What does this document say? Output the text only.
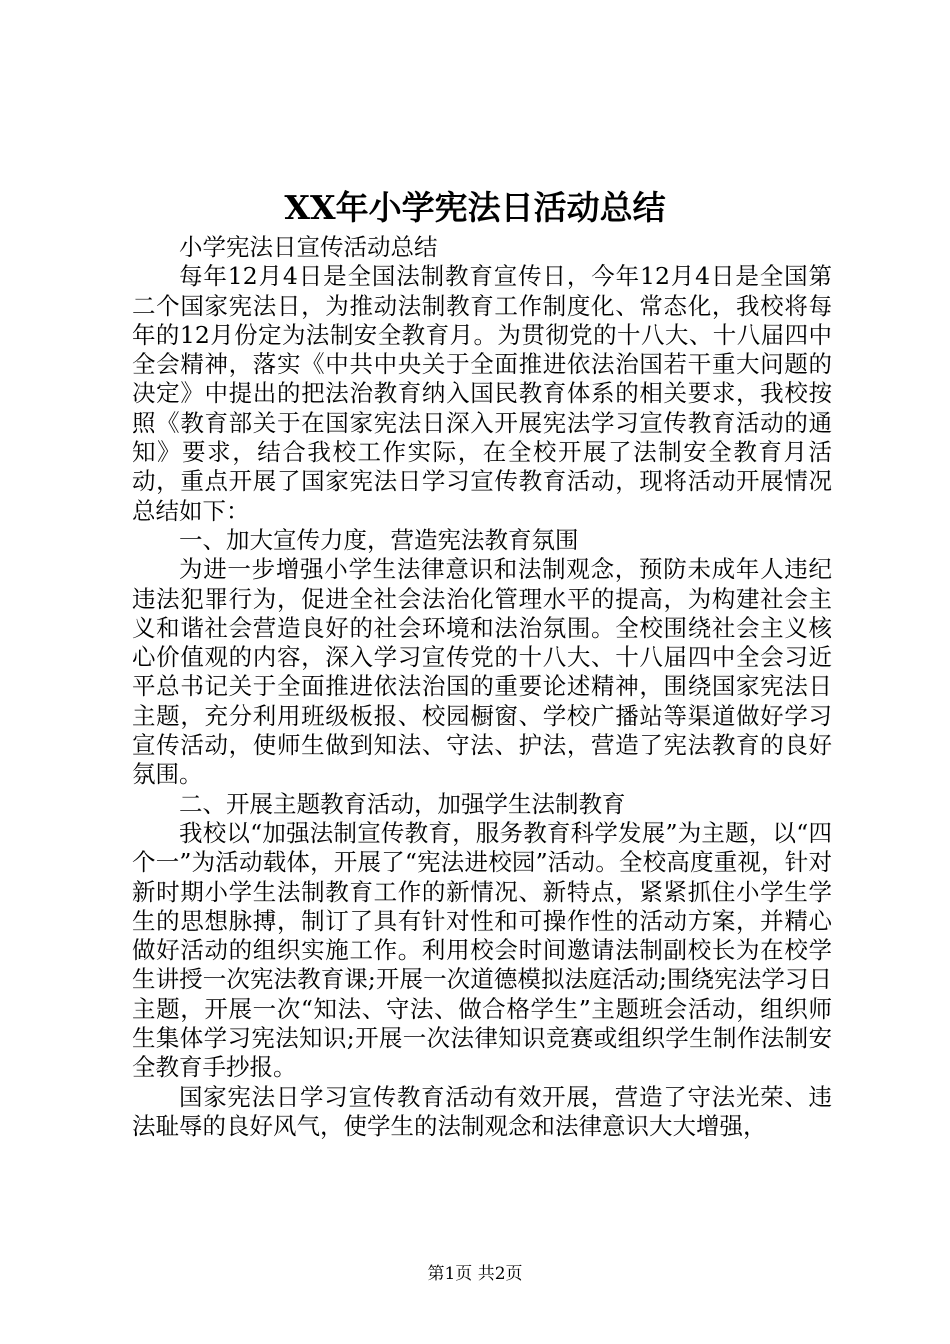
XX年小学宪法日活动总结

小学宪法日宣传活动总结

每年12月4日是全国法制教育宣传日，今年12月4日是全国第二个国家宪法日，为推动法制教育工作制度化、常态化，我校将每年的12月份定为法制安全教育月。为贯彻党的十八大、十八届四中全会精神，落实《中共中央关于全面推进依法治国若干重大问题的决定》中提出的把法治教育纳入国民教育体系的相关要求，我校按照《教育部关于在国家宪法日深入开展宪法学习宣传教育活动的通知》要求，结合我校工作实际，在全校开展了法制安全教育月活动，重点开展了国家宪法日学习宣传教育活动，现将活动开展情况总结如下：

一、加大宣传力度，营造宪法教育氛围

为进一步增强小学生法律意识和法制观念，预防未成年人违纪违法犯罪行为，促进全社会法治化管理水平的提高，为构建社会主义和谐社会营造良好的社会环境和法治氛围。全校围绕社会主义核心价值观的内容，深入学习宣传党的十八大、十八届四中全会习近平总书记关于全面推进依法治国的重要论述精神，围绕国家宪法日主题，充分利用班级板报、校园橱窗、学校广播站等渠道做好学习宣传活动，使师生做到知法、守法、护法，营造了宪法教育的良好氛围。

二、开展主题教育活动，加强学生法制教育

我校以“加强法制宣传教育，服务教育科学发展”为主题，以“四个一”为活动载体，开展了“宪法进校园”活动。全校高度重视，针对新时期小学生法制教育工作的新情况、新特点，紧紧抓住小学生学生的思想脉搏，制订了具有针对性和可操作性的活动方案，并精心做好活动的组织实施工作。利用校会时间邀请法制副校长为在校学生讲授一次宪法教育课;开展一次道德模拟法庭活动;围绕宪法学习日主题，开展一次“知法、守法、做合格学生”主题班会活动，组织师生集体学习宪法知识;开展一次法律知识竞赛或组织学生制作法制安全教育手抄报。

国家宪法日学习宣传教育活动有效开展，营造了守法光荣、违法耻辱的良好风气，使学生的法制观念和法律意识大大增强，

第1页 共2页
